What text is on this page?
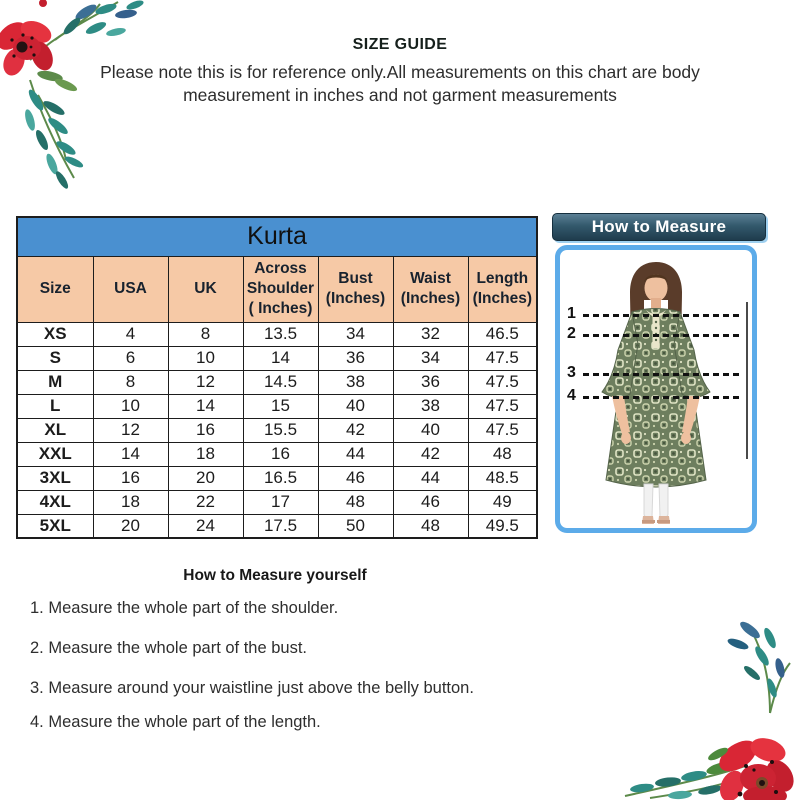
SIZE GUIDE
Please note this is for reference only.All measurements on this chart are body
measurement in inches and not garment measurements
Kurta						
Size	USA	UK	Across Shoulder ( Inches)	Bust (Inches)	Waist (Inches)	Length (Inches)
XS	4	8	13.5	34	32	46.5
S	6	10	14	36	34	47.5
M	8	12	14.5	38	36	47.5
L	10	14	15	40	38	47.5
XL	12	16	15.5	42	40	47.5
XXL	14	18	16	44	42	48
3XL	16	20	16.5	46	44	48.5
4XL	18	22	17	48	46	49
5XL	20	24	17.5	50	48	49.5
How to Measure
1
2
3
4
How to Measure yourself
1. Measure the whole part of the shoulder.
2. Measure the whole part of the bust.
3. Measure around your waistline just above the belly button.
4. Measure the whole part of the length.
